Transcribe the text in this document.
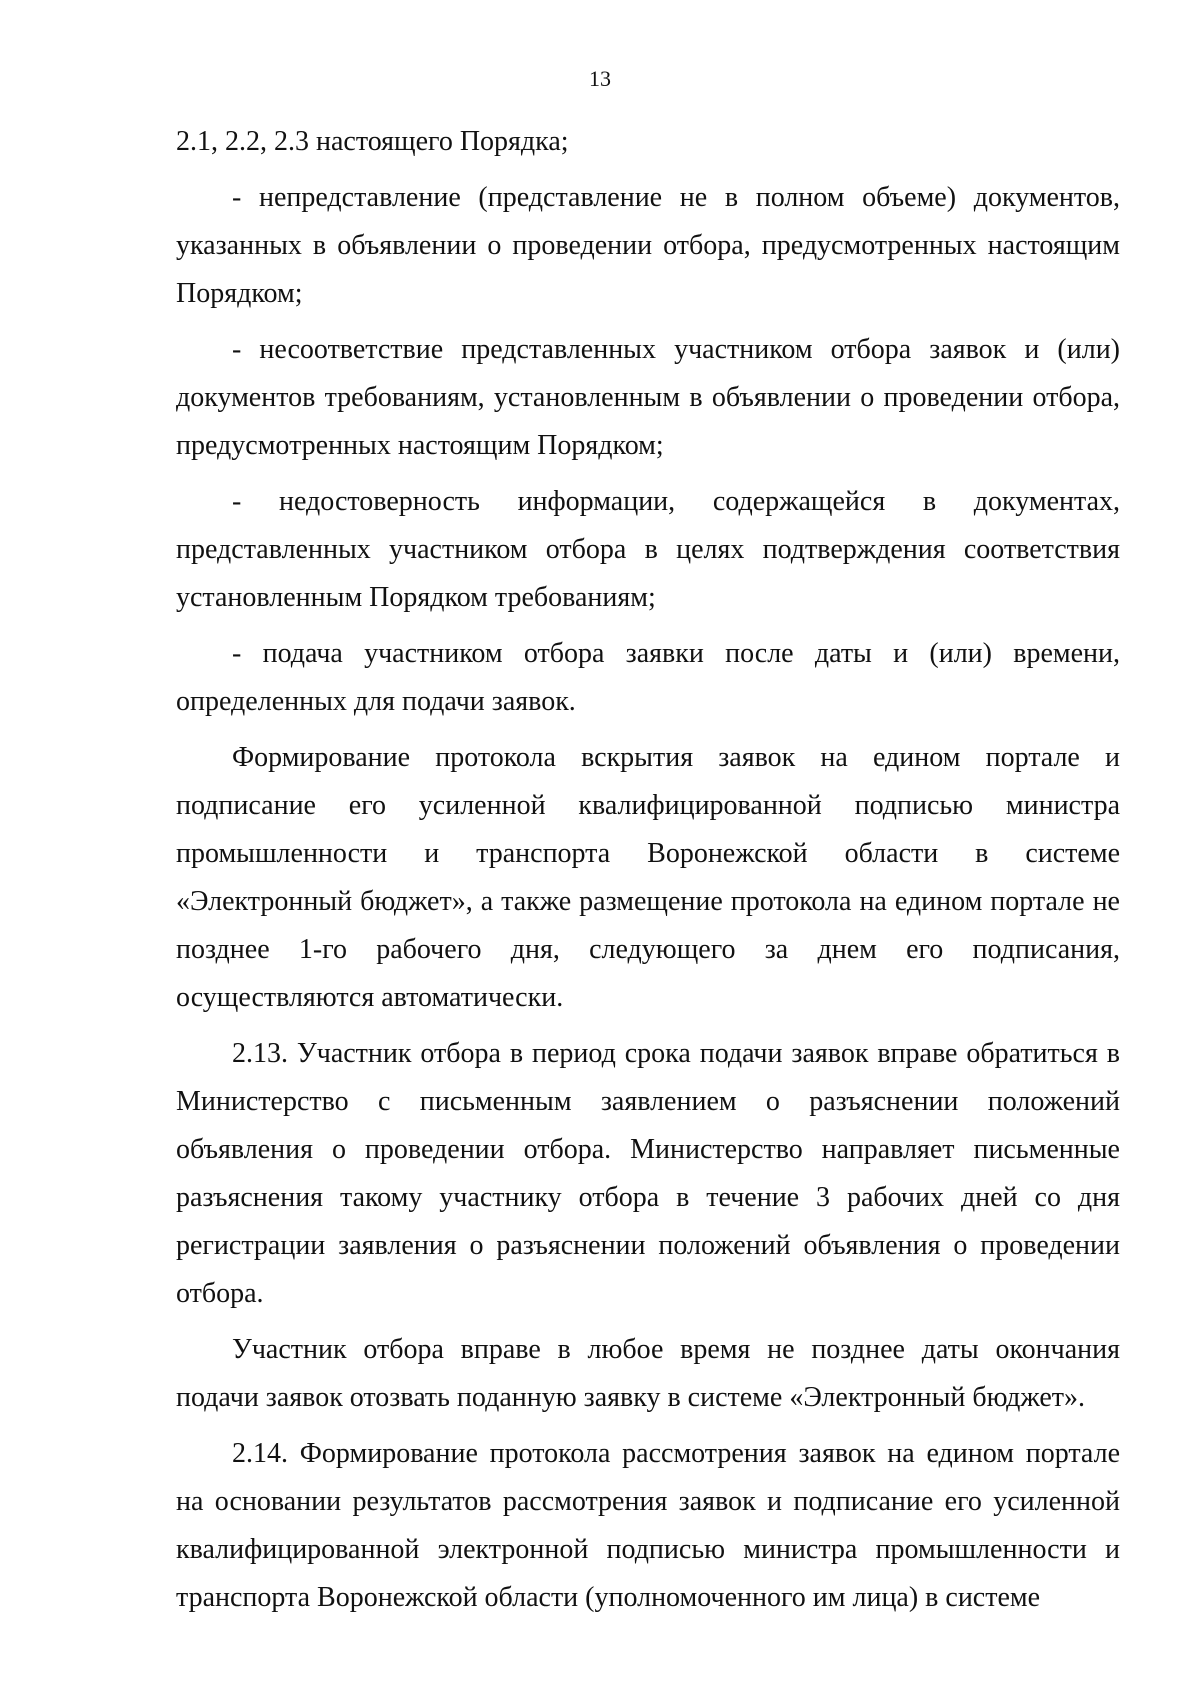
13

2.1, 2.2, 2.3 настоящего Порядка;

- непредставление (представление не в полном объеме) документов, указанных в объявлении о проведении отбора, предусмотренных настоящим Порядком;

- несоответствие представленных участником отбора заявок и (или) документов требованиям, установленным в объявлении о проведении отбора, предусмотренных настоящим Порядком;

- недостоверность информации, содержащейся в документах, представленных участником отбора в целях подтверждения соответствия установленным Порядком требованиям;

- подача участником отбора заявки после даты и (или) времени, определенных для подачи заявок.

Формирование протокола вскрытия заявок на едином портале и подписание его усиленной квалифицированной подписью министра промышленности и транспорта Воронежской области в системе «Электронный бюджет», а также размещение протокола на едином портале не позднее 1-го рабочего дня, следующего за днем его подписания, осуществляются автоматически.

2.13. Участник отбора в период срока подачи заявок вправе обратиться в Министерство с письменным заявлением о разъяснении положений объявления о проведении отбора. Министерство направляет письменные разъяснения такому участнику отбора в течение 3 рабочих дней со дня регистрации заявления о разъяснении положений объявления о проведении отбора.

Участник отбора вправе в любое время не позднее даты окончания подачи заявок отозвать поданную заявку в системе «Электронный бюджет».

2.14. Формирование протокола рассмотрения заявок на едином портале на основании результатов рассмотрения заявок и подписание его усиленной квалифицированной электронной подписью министра промышленности и транспорта Воронежской области (уполномоченного им лица) в системе
